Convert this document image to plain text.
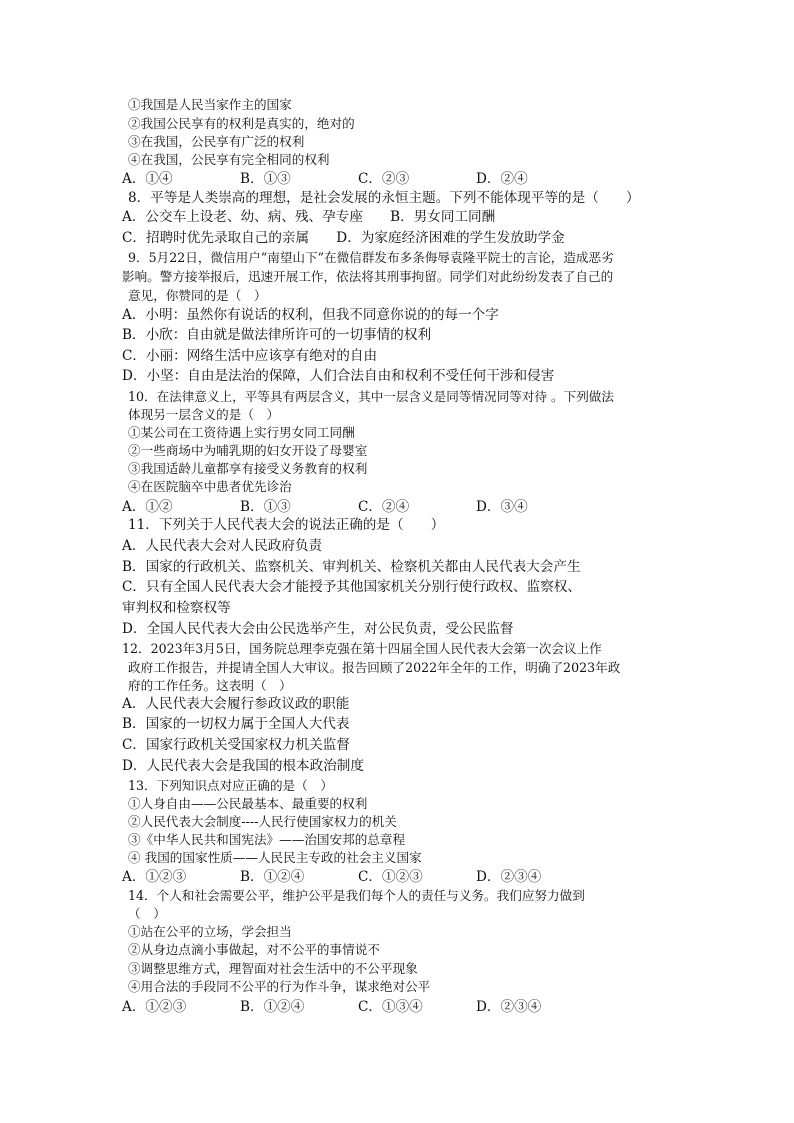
①我国是人民当家作主的国家
②我国公民享有的权利是真实的，绝对的
③在我国，公民享有广泛的权利
④在我国，公民享有完全相同的权利
A．①④	B．①③	C．②③	D．②④
8．平等是人类崇高的理想，是社会发展的永恒主题。下列不能体现平等的是（　　）
A．公交车上设老、幼、病、残、孕专座　　B．男女同工同酬
C．招聘时优先录取自己的亲属　　D．为家庭经济困难的学生发放助学金
9．5月22日，微信用户“南望山下”在微信群发布多条侮辱袁隆平院士的言论，造成恶劣
影响。警方接举报后，迅速开展工作，依法将其刑事拘留。同学们对此纷纷发表了自己的
意见，你赞同的是（　）
A．小明：虽然你有说话的权利，但我不同意你说的的每一个字
B．小欣：自由就是做法律所许可的一切事情的权利
C．小丽：网络生活中应该享有绝对的自由
D．小坚：自由是法治的保障，人们合法自由和权利不受任何干涉和侵害
10．在法律意义上，平等具有两层含义，其中一层含义是同等情况同等对待 。下列做法
体现另一层含义的是（　）
①某公司在工资待遇上实行男女同工同酬
②一些商场中为哺乳期的妇女开设了母婴室
③我国适龄儿童都享有接受义务教育的权利
④在医院脑卒中患者优先诊治
A．①②	B．①③	C．②④	D．③④
11．下列关于人民代表大会的说法正确的是（　　）
A．人民代表大会对人民政府负责
B．国家的行政机关、监察机关、审判机关、检察机关都由人民代表大会产生
C．只有全国人民代表大会才能授予其他国家机关分别行使行政权、监察权、
审判权和检察权等
D．全国人民代表大会由公民选举产生，对公民负责，受公民监督
12．2023年3月5日，国务院总理李克强在第十四届全国人民代表大会第一次会议上作
政府工作报告，并提请全国人大审议。报告回顾了2022年全年的工作，明确了2023年政
府的工作任务。这表明（　）
A．人民代表大会履行参政议政的职能
B．国家的一切权力属于全国人大代表
C．国家行政机关受国家权力机关监督
D．人民代表大会是我国的根本政治制度
13．下列知识点对应正确的是（　）
①人身自由——公民最基本、最重要的权利
②人民代表大会制度----人民行使国家权力的机关
③《中华人民共和国宪法》——治国安邦的总章程
④ 我国的国家性质——人民民主专政的社会主义国家
A．①②③	B．①②④	C．①②③	D．②③④
14．个人和社会需要公平，维护公平是我们每个人的责任与义务。我们应努力做到
（　）
①站在公平的立场，学会担当
②从身边点滴小事做起，对不公平的事情说不
③调整思维方式，理智面对社会生活中的不公平现象
④用合法的手段同不公平的行为作斗争，谋求绝对公平
A．①②③	B．①②④	C．①③④	D．②③④
